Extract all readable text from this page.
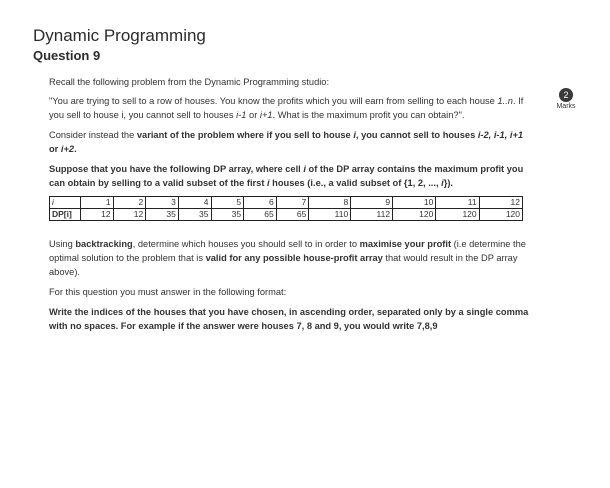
Dynamic Programming
Question 9
2
Marks

Recall the following problem from the Dynamic Programming studio:

"You are trying to sell to a row of houses. You know the profits which you will earn from selling to each house 1..n. If you sell to house i, you cannot sell to houses i-1 or i+1. What is the maximum profit you can obtain?".

Consider instead the variant of the problem where if you sell to house i, you cannot sell to houses i-2, i-1, i+1 or i+2.

Suppose that you have the following DP array, where cell i of the DP array contains the maximum profit you can obtain by selling to a valid subset of the first i houses (i.e., a valid subset of {1, 2, ..., i}).

i	1	2	3	4	5	6	7	8	9	10	11	12
DP[i]	12	12	35	35	35	65	65	110	112	120	120	120

Using backtracking, determine which houses you should sell to in order to maximise your profit (i.e determine the optimal solution to the problem that is valid for any possible house-profit array that would result in the DP array above).

For this question you must answer in the following format:

Write the indices of the houses that you have chosen, in ascending order, separated only by a single comma with no spaces. For example if the answer were houses 7, 8 and 9, you would write 7,8,9
